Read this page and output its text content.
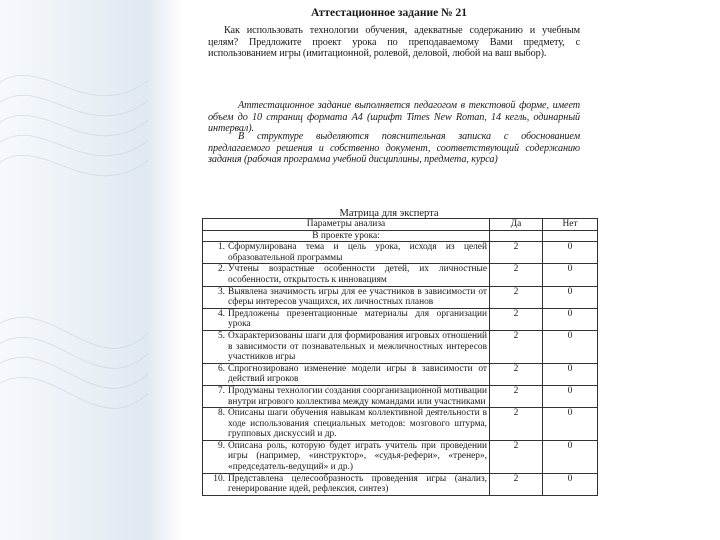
Аттестационное задание № 21
Как использовать технологии обучения, адекватные содержанию и учебным целям? Предложите проект урока по преподаваемому Вами предмету, с использованием игры (имитационной, ролевой, деловой, любой на ваш выбор).
Аттестационное задание выполняется педагогом в текстовой форме, имеет объем до 10 страниц формата А4 (шрифт Times New Roman, 14 кегль, одинарный интервал).
В структуре выделяются пояснительная записка с обоснованием предлагаемого решения и собственно документ, соответствующий содержанию задания (рабочая программа учебной дисциплины, предмета, курса)
Матрица для эксперта
Параметры анализа	Да	Нет
В проекте урока:		

1. Сформулирована тема и цель урока, исходя из целей образовательной программы	2	0

2. Учтены возрастные особенности детей, их личностные особенности, открытость к инновациям	2	0

3. Выявлена значимость игры для ее участников в зависимости от сферы интересов учащихся, их личностных планов	2	0

4. Предложены презентационные материалы для организации урока	2	0

5. Охарактеризованы шаги для формирования игровых отношений в зависимости от познавательных и межличностных интересов участников игры	2	0

6. Спрогнозировано изменение модели игры в зависимости от действий игроков	2	0

7. Продуманы технологии создания соорганизационной мотивации внутри игрового коллектива между командами или участниками	2	0

8. Описаны шаги обучения навыкам коллективной деятельности в ходе использования специальных методов: мозгового штурма, групповых дискуссий и др.	2	0

9. Описана роль, которую будет играть учитель при проведении игры (например, «инструктор», «судья-рефери», «тренер», «председатель-ведущий» и др.)	2	0

10. Представлена целесообразность проведения игры (анализ, генерирование идей, рефлексия, синтез)	2	0
